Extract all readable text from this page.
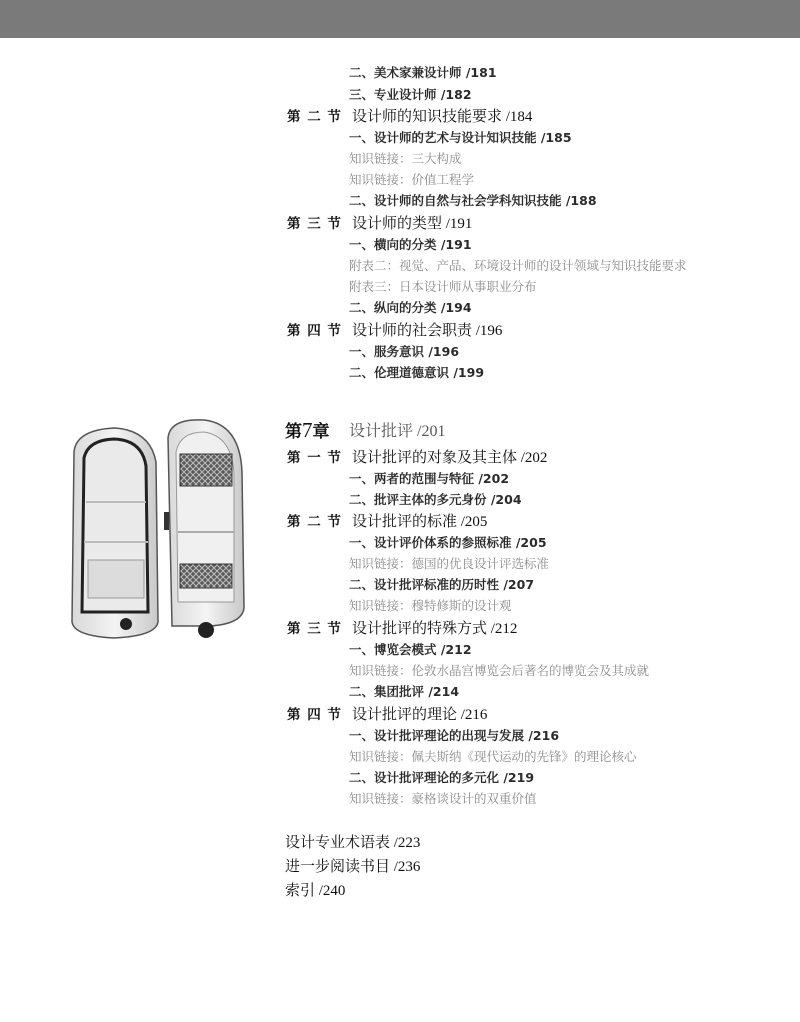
二、美术家兼设计师 /181
三、专业设计师 /182
第 二 节 设计师的知识技能要求 /184
一、设计师的艺术与设计知识技能 /185
知识链接：三大构成
知识链接：价值工程学
二、设计师的自然与社会学科知识技能 /188
第 三 节 设计师的类型 /191
一、横向的分类 /191
附表二：视觉、产品、环境设计师的设计领域与知识技能要求
附表三：日本设计师从事职业分布
二、纵向的分类 /194
第 四 节 设计师的社会职责 /196
一、服务意识 /196
二、伦理道德意识 /199
第7章 设计批评 /201
第 一 节 设计批评的对象及其主体 /202
一、两者的范围与特征 /202
二、批评主体的多元身份 /204
第 二 节 设计批评的标准 /205
一、设计评价体系的参照标准 /205
知识链接：德国的优良设计评选标准
二、设计批评标准的历时性 /207
知识链接：穆特修斯的设计观
第 三 节 设计批评的特殊方式 /212
一、博览会模式 /212
知识链接：伦敦水晶宫博览会后著名的博览会及其成就
二、集团批评 /214
第 四 节 设计批评的理论 /216
一、设计批评理论的出现与发展 /216
知识链接：佩夫斯纳《现代运动的先锋》的理论核心
二、设计批评理论的多元化 /219
知识链接：豪格谈设计的双重价值
设计专业术语表 /223
进一步阅读书目 /236
索引 /240
